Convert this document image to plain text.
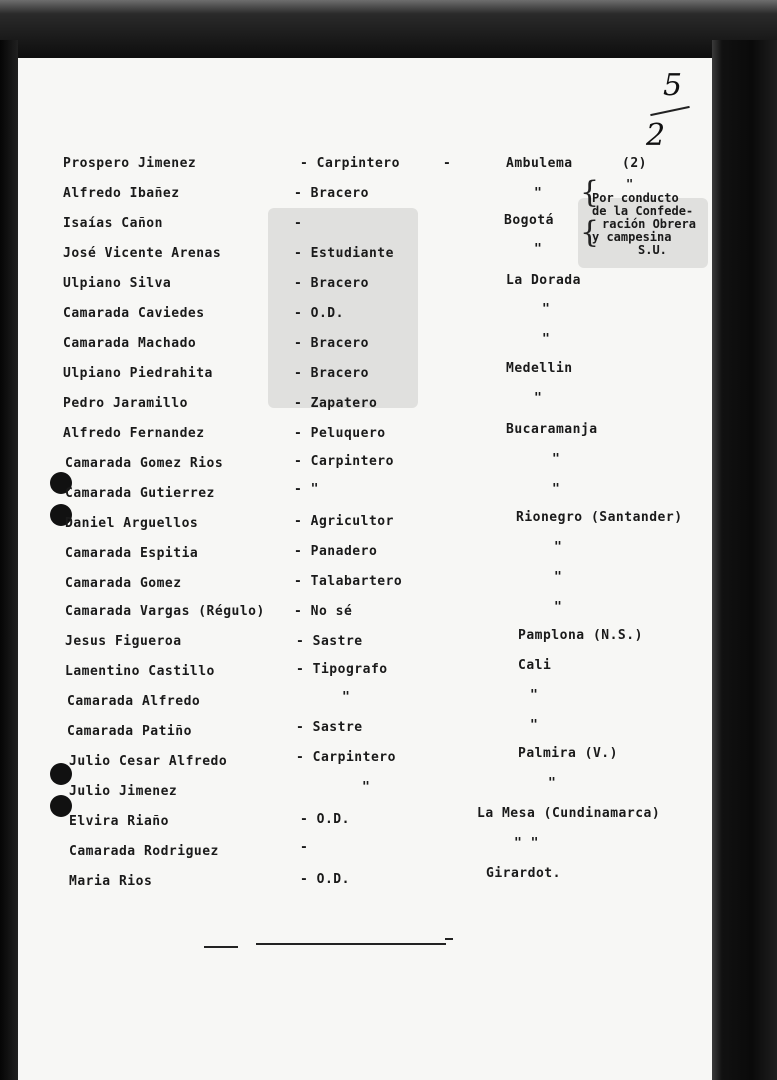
5
2
Prospero Jimenez	- Carpintero	-	Ambulema	(2)
Alfredo Ibañez	- Bracero	"
Isaías Cañon	-	Bogotá
José Vicente Arenas	- Estudiante	"
Ulpiano Silva	- Bracero	La Dorada
Camarada Caviedes	- O.D.	"
Camarada Machado	- Bracero	"
Ulpiano Piedrahita	- Bracero	Medellin
Pedro Jaramillo	- Zapatero	"
Alfredo Fernandez	- Peluquero	Bucaramanja
Camarada Gomez Rios	- Carpintero	"
Camarada Gutierrez	- "	"
Daniel Arguellos	- Agricultor	Rionegro (Santander)
Camarada Espitia	- Panadero	"
Camarada Gomez	- Talabartero	"
Camarada Vargas (Régulo) - No sé	"
Jesus Figueroa	- Sastre	Pamplona (N.S.)
Lamentino Castillo	- Tipografo	Cali
Camarada Alfredo	"	"
Camarada Patiño	- Sastre	"
Julio Cesar Alfredo	- Carpintero	Palmira (V.)
Julio Jimenez	"	"
Elvira Riaño	- O.D.	La Mesa (Cundinamarca)
Camarada Rodriguez	-	" "
Maria Rios	- O.D.	Girardot.
"
{
{
Por conducto
de la Confede-
ración Obrera
y campesina
S.U.
